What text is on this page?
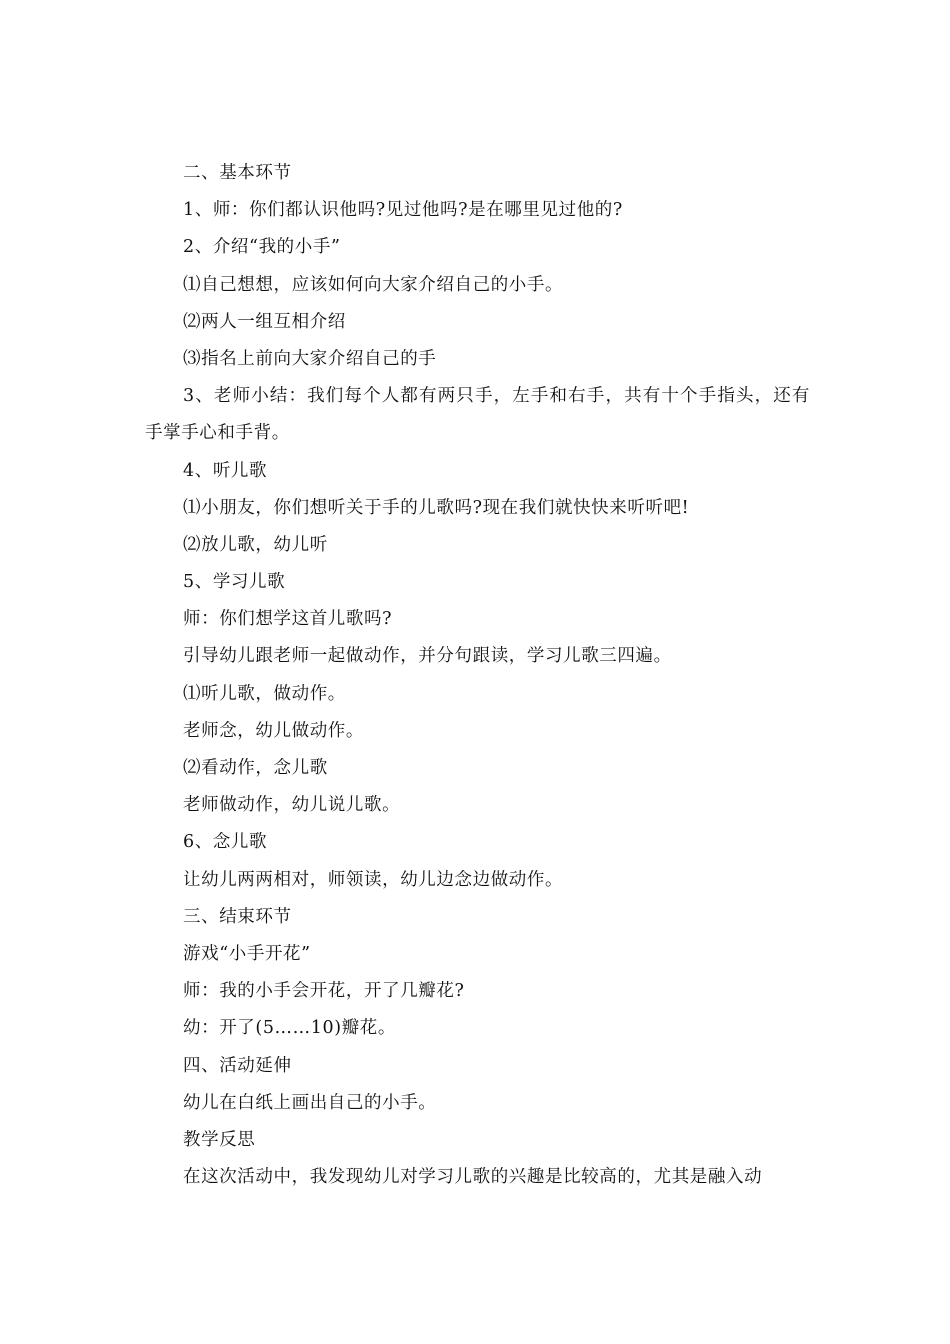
二、基本环节

1、师：你们都认识他吗?见过他吗?是在哪里见过他的?

2、介绍“我的小手”

⑴自己想想，应该如何向大家介绍自己的小手。

⑵两人一组互相介绍

⑶指名上前向大家介绍自己的手

3、老师小结：我们每个人都有两只手，左手和右手，共有十个手指头，还有手掌手心和手背。

4、听儿歌

⑴小朋友，你们想听关于手的儿歌吗?现在我们就快快来听听吧!

⑵放儿歌，幼儿听

5、学习儿歌

师：你们想学这首儿歌吗?

引导幼儿跟老师一起做动作，并分句跟读，学习儿歌三四遍。

⑴听儿歌，做动作。

老师念，幼儿做动作。

⑵看动作，念儿歌

老师做动作，幼儿说儿歌。

6、念儿歌

让幼儿两两相对，师领读，幼儿边念边做动作。

三、结束环节

游戏“小手开花”

师：我的小手会开花，开了几瓣花?

幼：开了(5……10)瓣花。

四、活动延伸

幼儿在白纸上画出自己的小手。

教学反思

在这次活动中，我发现幼儿对学习儿歌的兴趣是比较高的，尤其是融入动
